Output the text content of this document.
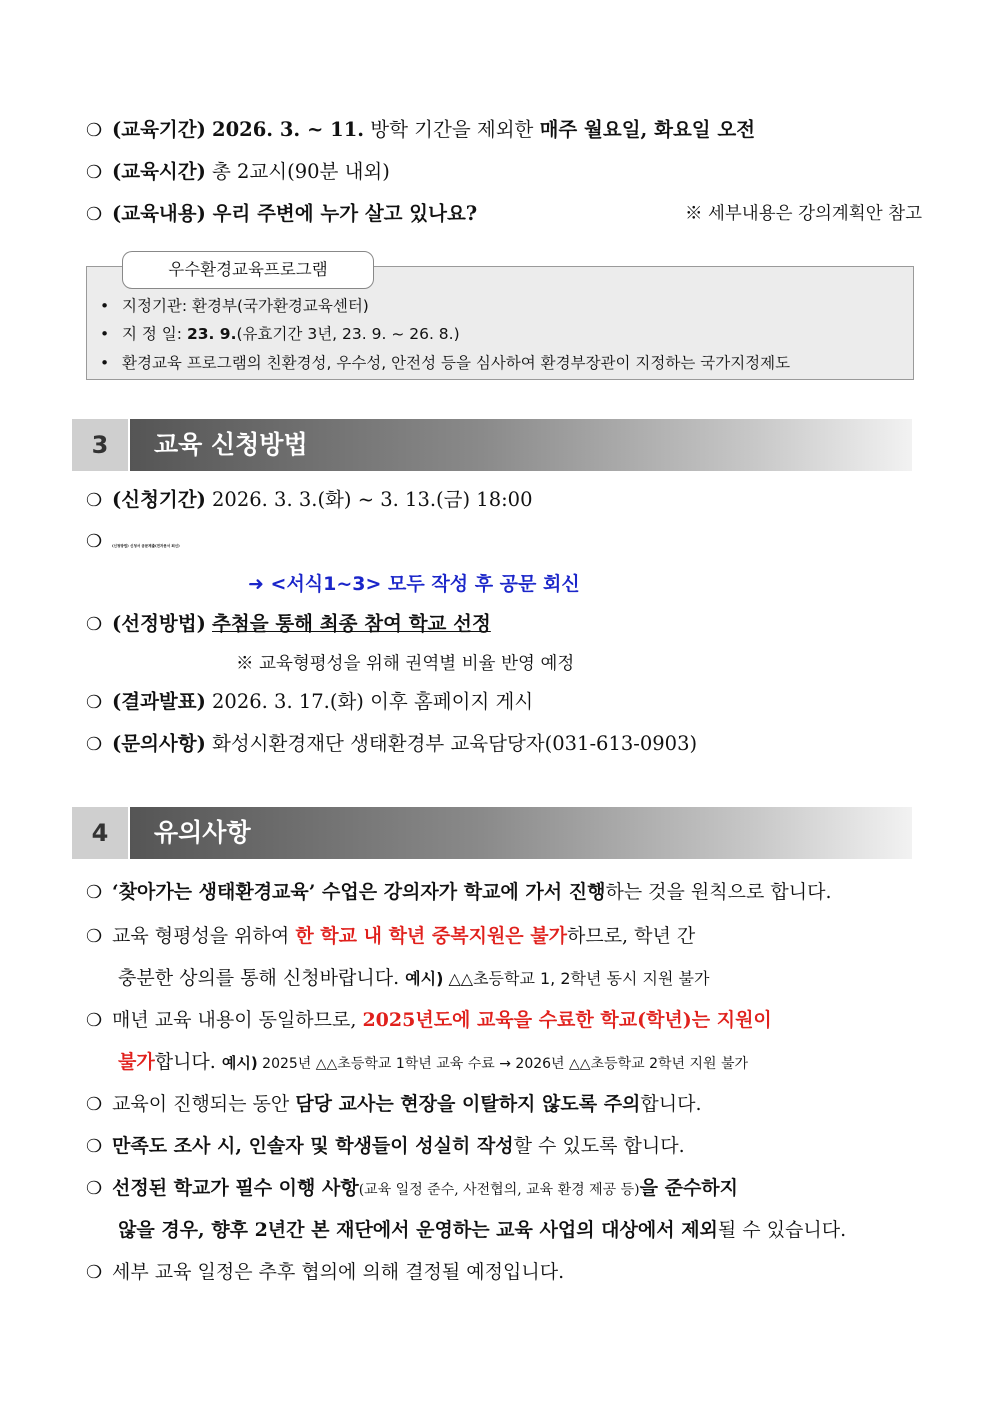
❍ (교육기간) 2026. 3. ~ 11. 방학 기간을 제외한 매주 월요일, 화요일 오전
❍ (교육시간) 총 2교시(90분 내외)
❍ (교육내용) 우리 주변에 누가 살고 있나요?	※ 세부내용은 강의계획안 참고
우수환경교육프로그램
• 지정기관: 환경부(국가환경교육센터)
• 지 정 일: 23. 9.(유효기간 3년, 23. 9. ~ 26. 8.)
• 환경교육 프로그램의 친환경성, 우수성, 안전성 등을 심사하여 환경부장관이 지정하는 국가지정제도
3	교육 신청방법
❍ (신청기간) 2026. 3. 3.(화) ~ 3. 13.(금) 18:00
❍	(신청방법) 신청서 공문제출(전자문서 회신)
➜ <서식1~3> 모두 작성 후 공문 회신
❍ (선정방법) 추첨을 통해 최종 참여 학교 선정
※ 교육형평성을 위해 권역별 비율 반영 예정
❍ (결과발표) 2026. 3. 17.(화) 이후 홈페이지 게시
❍ (문의사항) 화성시환경재단 생태환경부 교육담당자(031-613-0903)
4	유의사항
❍ ‘찾아가는 생태환경교육’ 수업은 강의자가 학교에 가서 진행하는 것을 원칙으로 합니다.
❍ 교육 형평성을 위하여 한 학교 내 학년 중복지원은 불가하므로, 학년 간
충분한 상의를 통해 신청바랍니다. 예시) △△초등학교 1, 2학년 동시 지원 불가
❍ 매년 교육 내용이 동일하므로, 2025년도에 교육을 수료한 학교(학년)는 지원이
불가합니다. 예시) 2025년 △△초등학교 1학년 교육 수료 → 2026년 △△초등학교 2학년 지원 불가
❍ 교육이 진행되는 동안 담당 교사는 현장을 이탈하지 않도록 주의합니다.
❍ 만족도 조사 시, 인솔자 및 학생들이 성실히 작성할 수 있도록 합니다.
❍ 선정된 학교가 필수 이행 사항(교육 일정 준수, 사전협의, 교육 환경 제공 등)을 준수하지
않을 경우, 향후 2년간 본 재단에서 운영하는 교육 사업의 대상에서 제외될 수 있습니다.
❍ 세부 교육 일정은 추후 협의에 의해 결정될 예정입니다.
